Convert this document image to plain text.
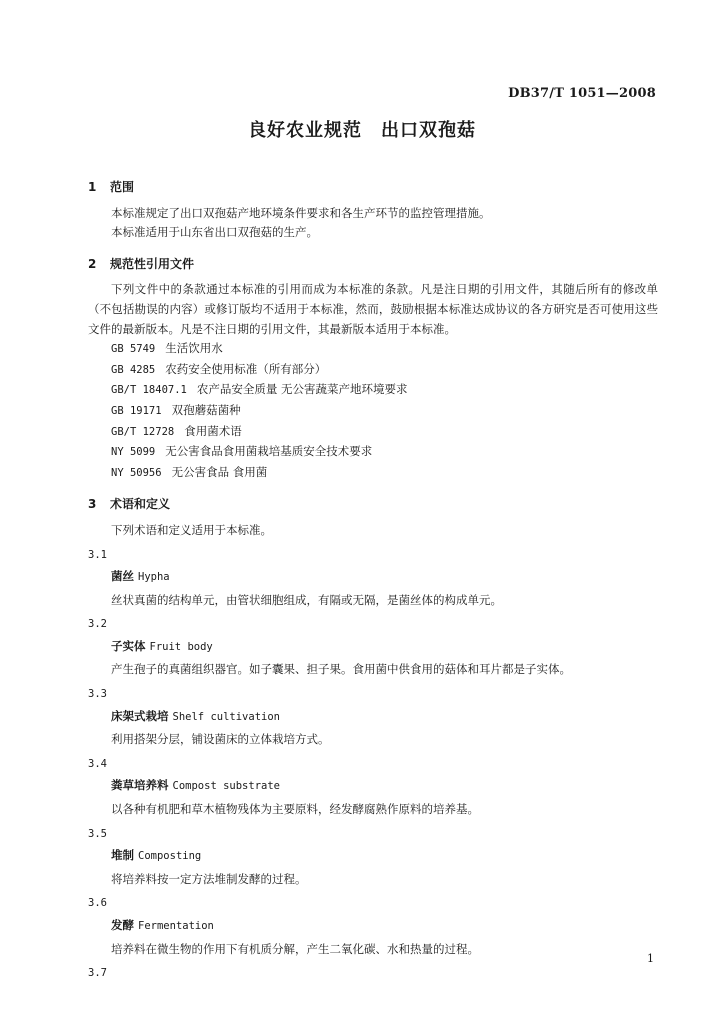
DB37/T 1051—2008
良好农业规范　出口双孢菇
1 范围
本标准规定了出口双孢菇产地环境条件要求和各生产环节的监控管理措施。
本标准适用于山东省出口双孢菇的生产。
2 规范性引用文件
下列文件中的条款通过本标准的引用而成为本标准的条款。凡是注日期的引用文件，其随后所有的修改单（不包括勘误的内容）或修订版均不适用于本标准，然而，鼓励根据本标准达成协议的各方研究是否可使用这些文件的最新版本。凡是不注日期的引用文件，其最新版本适用于本标准。
GB 5749 生活饮用水
GB 4285 农药安全使用标准（所有部分）
GB/T 18407.1 农产品安全质量 无公害蔬菜产地环境要求
GB 19171 双孢蘑菇菌种
GB/T 12728 食用菌术语
NY 5099 无公害食品食用菌栽培基质安全技术要求
NY 50956 无公害食品 食用菌
3 术语和定义
下列术语和定义适用于本标准。
3.1
菌丝 Hypha
丝状真菌的结构单元，由管状细胞组成，有隔或无隔，是菌丝体的构成单元。
3.2
子实体 Fruit body
产生孢子的真菌组织器官。如子囊果、担子果。食用菌中供食用的菇体和耳片都是子实体。
3.3
床架式栽培 Shelf cultivation
利用搭架分层，铺设菌床的立体栽培方式。
3.4
粪草培养料 Compost substrate
以各种有机肥和草木植物残体为主要原料，经发酵腐熟作原料的培养基。
3.5
堆制 Composting
将培养料按一定方法堆制发酵的过程。
3.6
发酵 Fermentation
培养料在微生物的作用下有机质分解，产生二氧化碳、水和热量的过程。
3.7
1
